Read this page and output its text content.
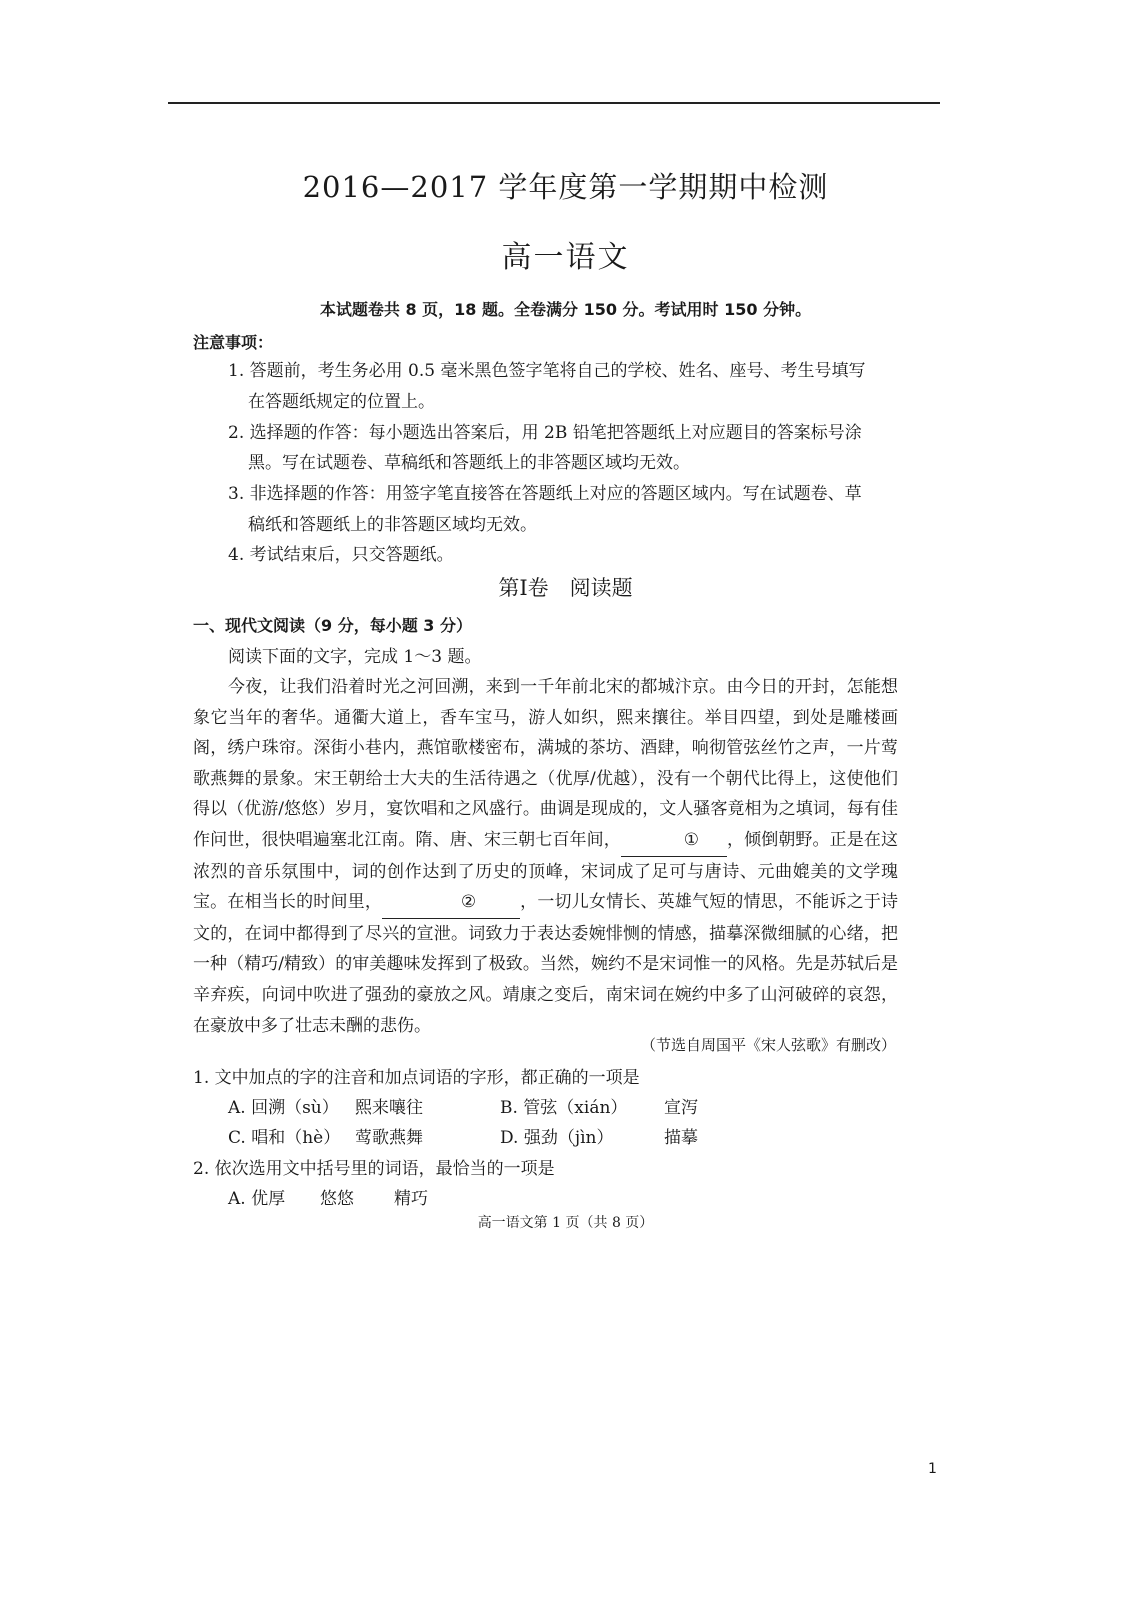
2016—2017 学年度第一学期期中检测
高一语文
本试题卷共 8 页，18 题。全卷满分 150 分。考试用时 150 分钟。
注意事项：
1. 答题前，考生务必用 0.5 毫米黑色签字笔将自己的学校、姓名、座号、考生号填写
在答题纸规定的位置上。
2. 选择题的作答：每小题选出答案后，用 2B 铅笔把答题纸上对应题目的答案标号涂
黑。写在试题卷、草稿纸和答题纸上的非答题区域均无效。
3. 非选择题的作答：用签字笔直接答在答题纸上对应的答题区域内。写在试题卷、草
稿纸和答题纸上的非答题区域均无效。
4. 考试结束后，只交答题纸。
第Ⅰ卷　阅读题
一、现代文阅读（9 分，每小题 3 分）
阅读下面的文字，完成 1～3 题。

今夜，让我们沿着时光之河回溯，来到一千年前北宋的都城汴京。由今日的开封，怎能想象它当年的奢华。通衢大道上，香车宝马，游人如织，熙来攘往。举目四望，到处是雕楼画阁，绣户珠帘。深街小巷内，燕馆歌楼密布，满城的茶坊、酒肆，响彻管弦丝竹之声，一片莺歌燕舞的景象。宋王朝给士大夫的生活待遇之（优厚/优越），没有一个朝代比得上，这使他们得以（优游/悠悠）岁月，宴饮唱和之风盛行。曲调是现成的，文人骚客竟相为之填词，每有佳作问世，很快唱遍塞北江南。隋、唐、宋三朝七百年间，	① ，倾倒朝野。正是在这浓烈的音乐氛围中，词的创作达到了历史的顶峰，宋词成了足可与唐诗、元曲媲美的文学瑰宝。在相当长的时间里，	②	，一切儿女情长、英雄气短的情思，不能诉之于诗文的，在词中都得到了尽兴的宣泄。词致力于表达委婉悱恻的情感，描摹深微细腻的心绪，把一种（精巧/精致）的审美趣味发挥到了极致。当然，婉约不是宋词惟一的风格。先是苏轼后是辛弃疾，向词中吹进了强劲的豪放之风。靖康之变后，南宋词在婉约中多了山河破碎的哀怨，在豪放中多了壮志未酬的悲伤。

（节选自周国平《宋人弦歌》有删改）
1. 文中加点的字的注音和加点词语的字形，都正确的一项是
A. 回溯（sù） 熙来嚷往	B. 管弦（xián） 宣泻
C. 唱和（hè） 莺歌燕舞	D. 强劲（jìn）	描摹
2. 依次选用文中括号里的词语，最恰当的一项是
A. 优厚 悠悠 精巧
高一语文第 1 页（共 8 页）
1
